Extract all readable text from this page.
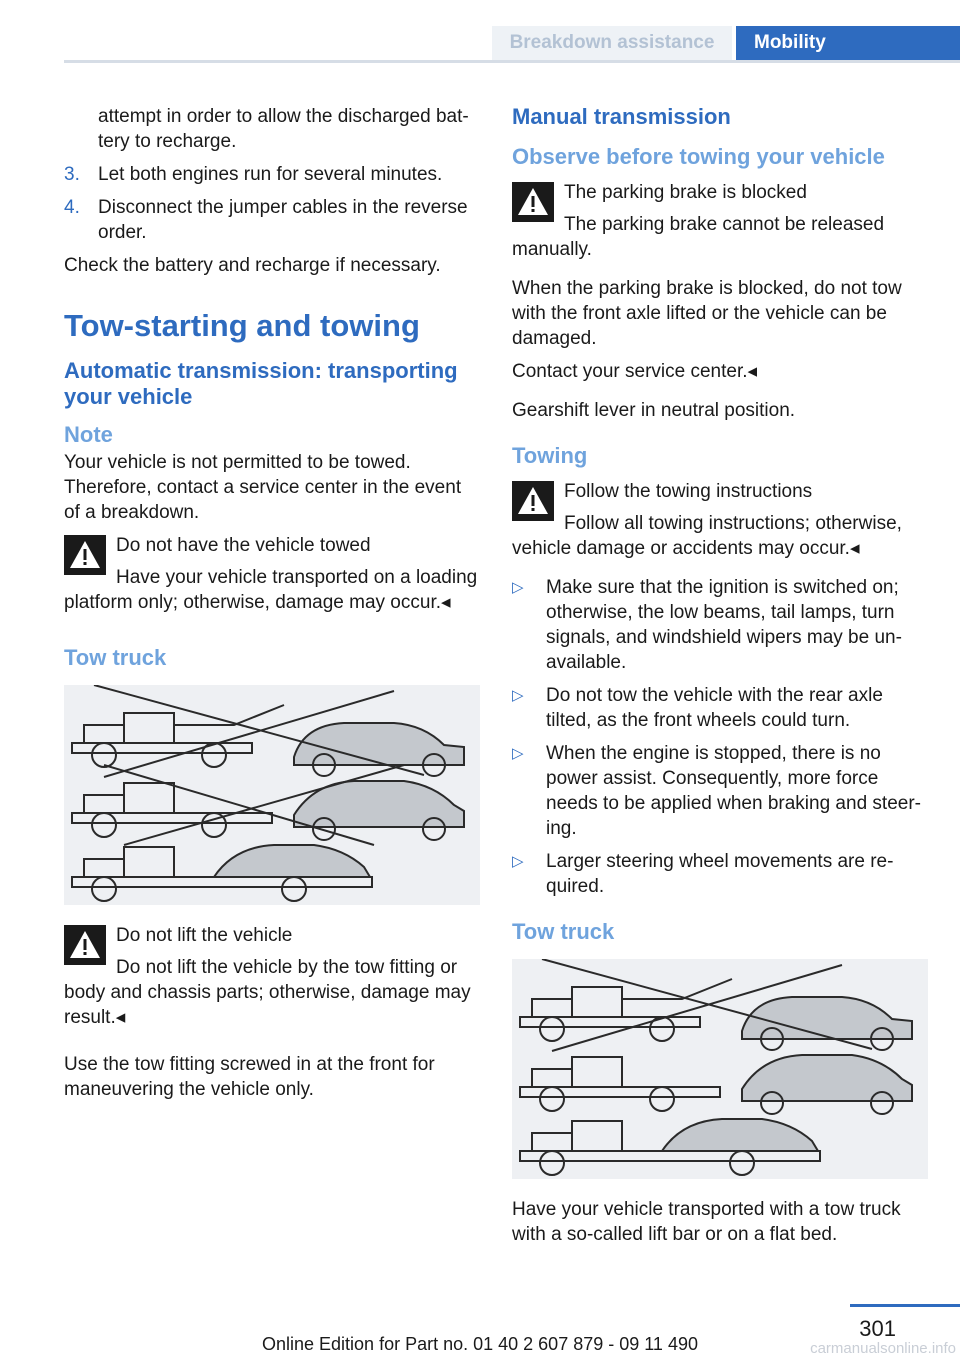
Breakdown assistance	Mobility
attempt in order to allow the discharged bat-tery to recharge.
3. Let both engines run for several minutes.
4. Disconnect the jumper cables in the reverse order.

Check the battery and recharge if necessary.

Tow-starting and towing
Automatic transmission: transporting your vehicle
Note

Your vehicle is not permitted to be towed. Therefore, contact a service center in the event of a breakdown.

Do not have the vehicle towed
Have your vehicle transported on a loading platform only; otherwise, damage may occur.◂
Tow truck
Do not lift the vehicle
Do not lift the vehicle by the tow fitting or body and chassis parts; otherwise, damage may result.◂

Use the tow fitting screwed in at the front for maneuvering the vehicle only.

Manual transmission
Observe before towing your vehicle
The parking brake is blocked
The parking brake cannot be released manually.

When the parking brake is blocked, do not tow with the front axle lifted or the vehicle can be damaged.

Contact your service center.◂

Gearshift lever in neutral position.

Towing
Follow the towing instructions
Follow all towing instructions; otherwise, vehicle damage or accidents may occur.◂
▷	Make sure that the ignition is switched on; otherwise, the low beams, tail lamps, turn signals, and windshield wipers may be un-available.
▷	Do not tow the vehicle with the rear axle tilted, as the front wheels could turn.
▷	When the engine is stopped, there is no power assist. Consequently, more force needs to be applied when braking and steer-ing.
▷	Larger steering wheel movements are re-quired.
Tow truck

Have your vehicle transported with a tow truck with a so-called lift bar or on a flat bed.

301
Online Edition for Part no. 01 40 2 607 879 - 09 11 490	carmanualsonline.info
